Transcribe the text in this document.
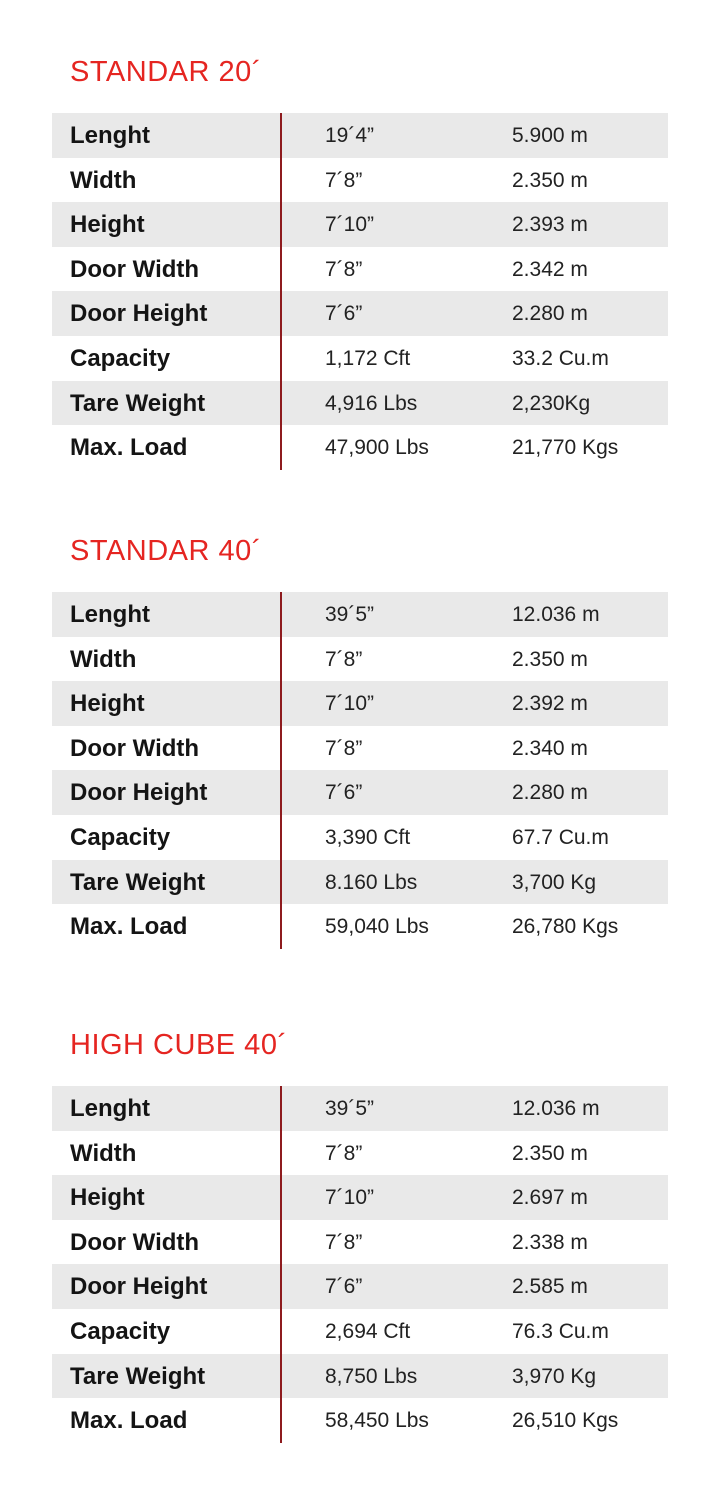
STANDAR 20´
Lenght	19´4”	5.900 m
Width	7´8”	2.350 m
Height	7´10”	2.393 m
Door Width	7´8”	2.342 m
Door Height	7´6”	2.280 m
Capacity	1,172 Cft	33.2 Cu.m
Tare Weight	4,916 Lbs	2,230Kg
Max. Load	47,900 Lbs	21,770 Kgs
STANDAR 40´
Lenght	39´5”	12.036 m
Width	7´8”	2.350 m
Height	7´10”	2.392 m
Door Width	7´8”	2.340 m
Door Height	7´6”	2.280 m
Capacity	3,390 Cft	67.7 Cu.m
Tare Weight	8.160 Lbs	3,700 Kg
Max. Load	59,040 Lbs	26,780 Kgs
HIGH CUBE 40´
Lenght	39´5”	12.036 m
Width	7´8”	2.350 m
Height	7´10”	2.697 m
Door Width	7´8”	2.338 m
Door Height	7´6”	2.585 m
Capacity	2,694 Cft	76.3 Cu.m
Tare Weight	8,750 Lbs	3,970 Kg
Max. Load	58,450 Lbs	26,510 Kgs
